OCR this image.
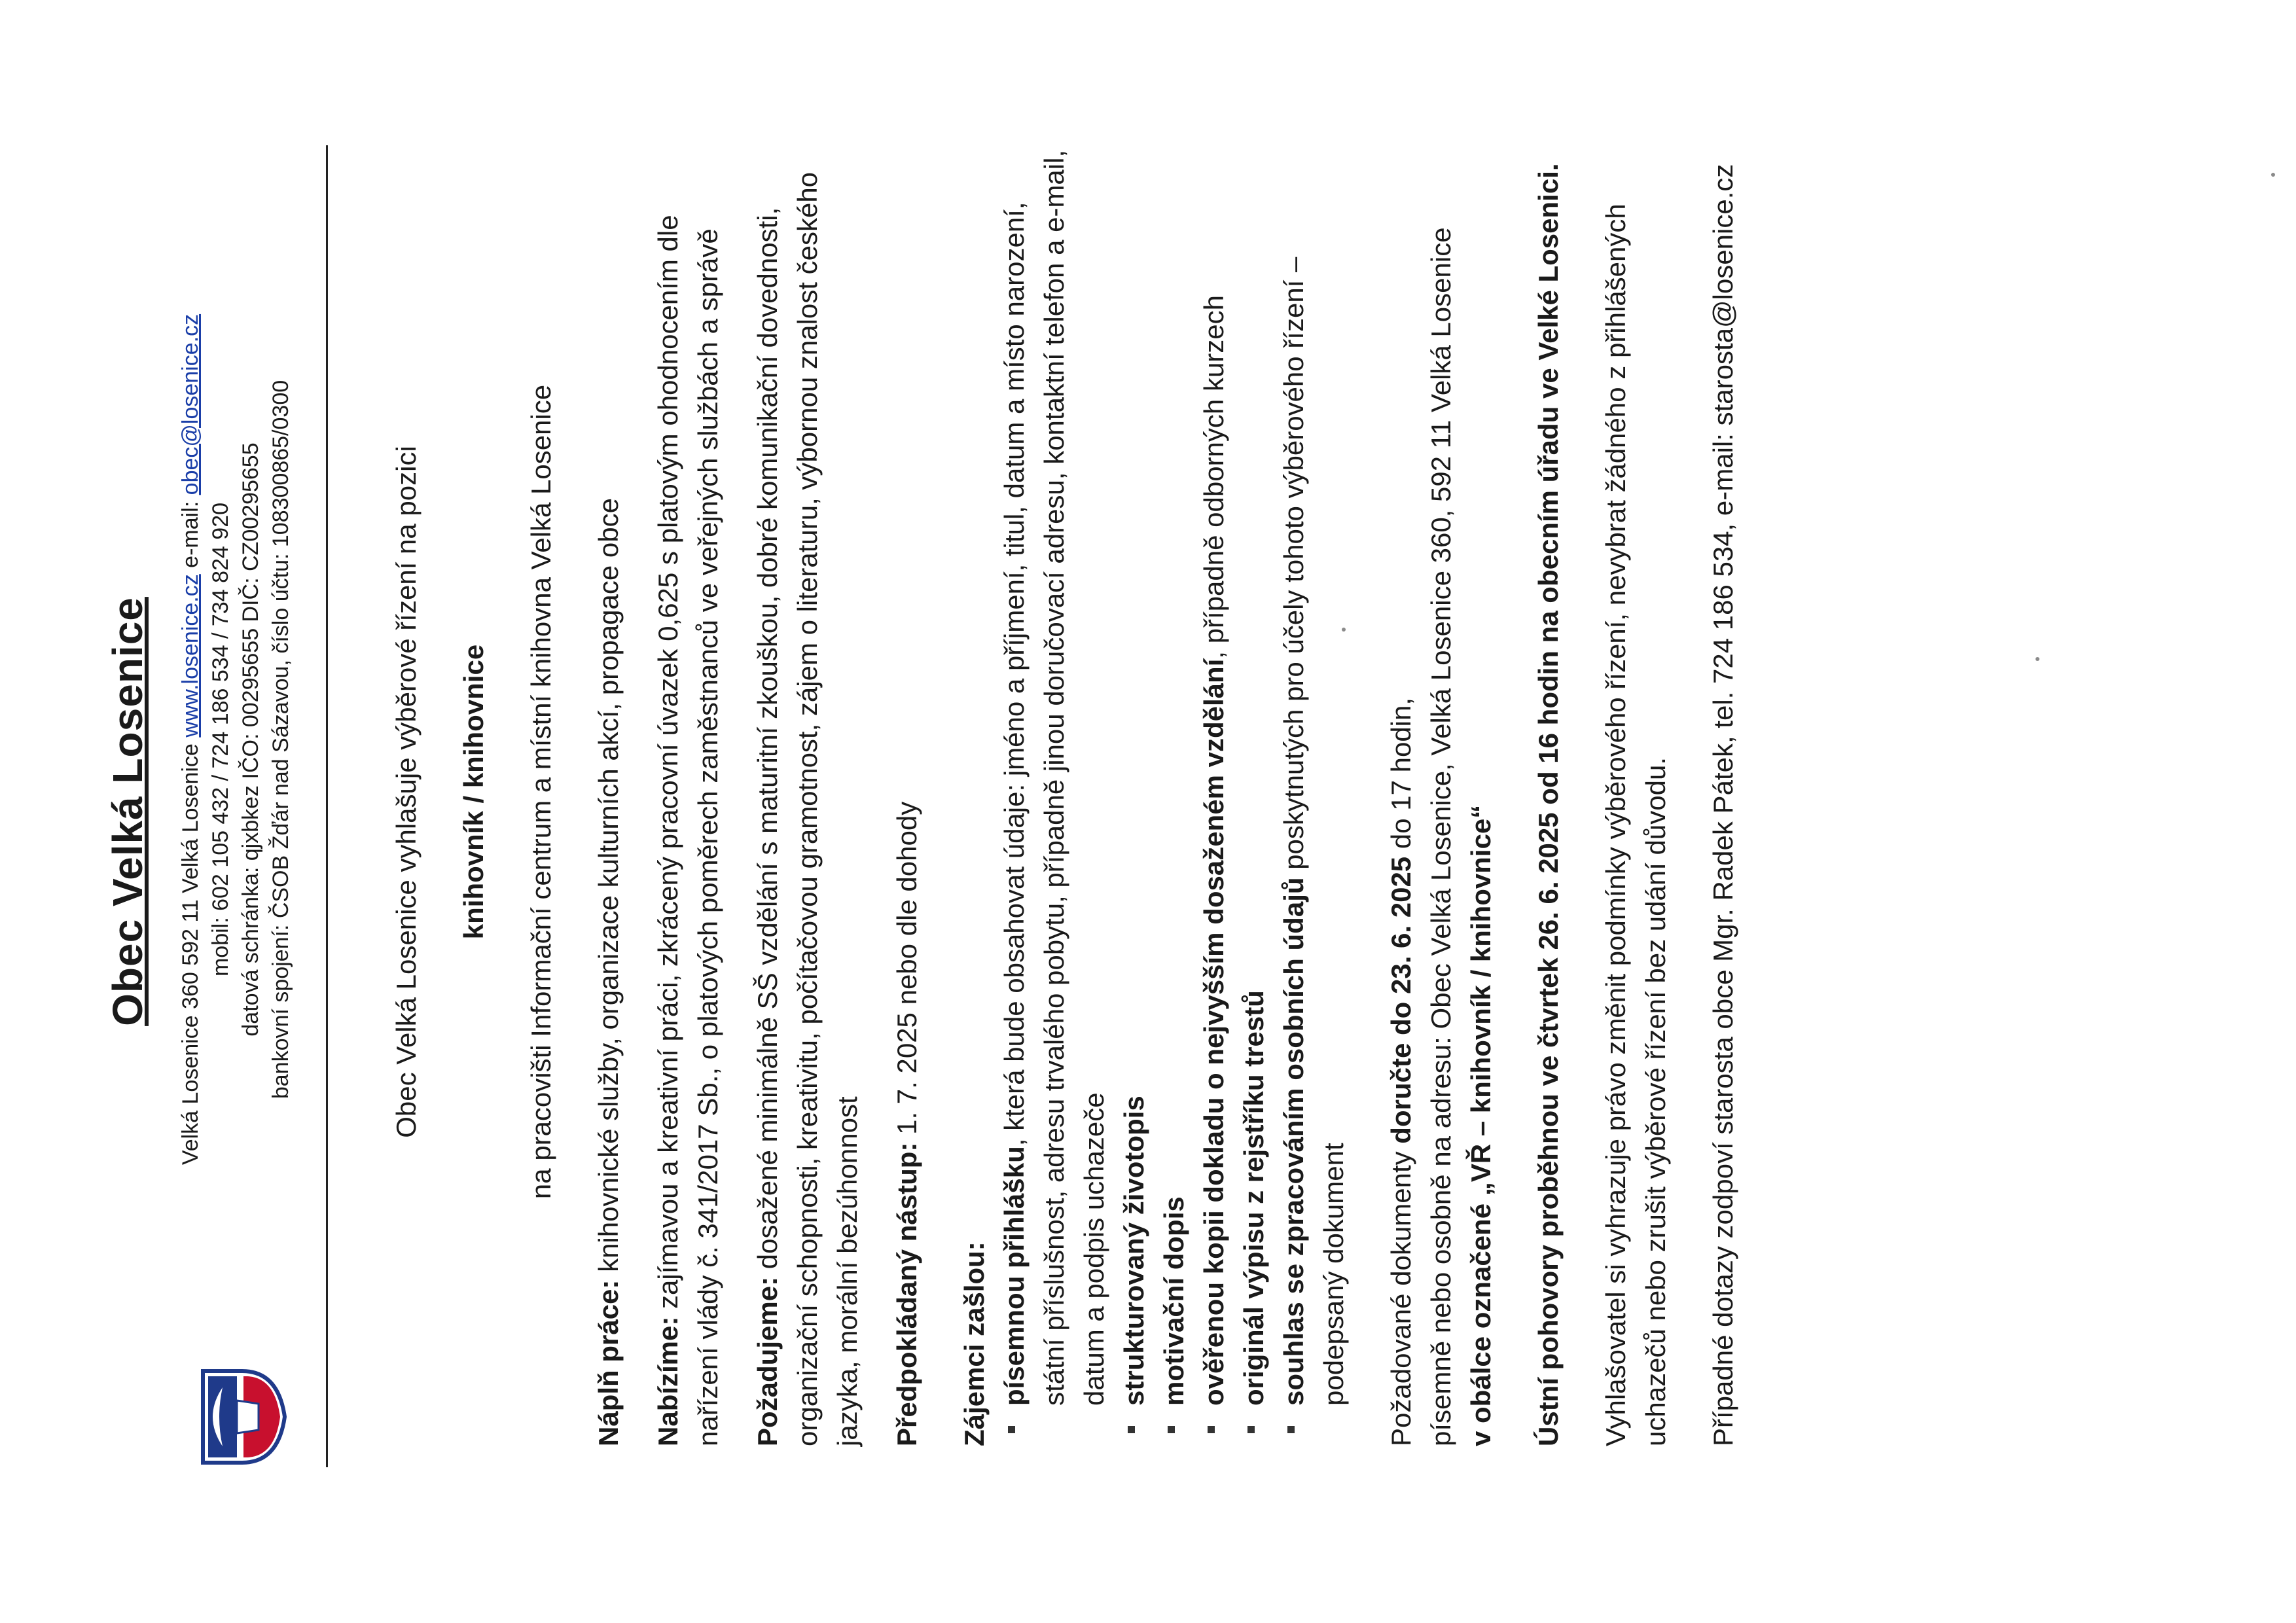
Obec Velká Losenice Velká Losenice 360 592 11 Velká Losenice www.losenice.cz e-mail: obec@losenice.cz
mobil: 602 105 432 / 724 186 534 / 734 824 920 datová schránka: qjxbkez IČO: 00295655 DIČ: CZ00295655 bankovní spojení: ČSOB Žďár nad Sázavou, číslo účtu: 108300865/0300	Obec Velká Losenice vyhlašuje výběrové řízení na pozici knihovník / knihovnice na pracovišti Informační centrum a místní knihovna Velká Losenice

Náplň práce: knihovnické služby, organizace kulturních akcí, propagace obce

Nabízíme: zajímavou a kreativní práci, zkrácený pracovní úvazek 0,625 s platovým ohodnocením dle nařízení vlády č. 341/2017 Sb., o platových poměrech zaměstnanců ve veřejných službách a správě Požadujeme: dosažené minimálně SŠ vzdělání s maturitní zkouškou, dobré komunikační dovednosti, organizační schopnosti, kreativitu, počítačovou gramotnost, zájem o literaturu, výbornou znalost českého jazyka, morální bezúhonnost Předpokládaný nástup: 1. 7. 2025 nebo dle dohody

Zájemci zašlou: písemnou přihlášku, která bude obsahovat údaje: jméno a příjmení, titul, datum a místo narození, státní příslušnost, adresu trvalého pobytu, případně jinou doručovací adresu, kontaktní telefon a e-mail, datum a podpis uchazeče strukturovaný životopis motivační dopis ověřenou kopii dokladu o nejvyšším dosaženém vzdělání, případně odborných kurzech
originál výpisu z rejstříku trestů souhlas se zpracováním osobních údajů poskytnutých pro účely tohoto výběrového řízení – podepsaný dokument Požadované dokumenty doručte do 23. 6. 2025 do 17 hodin, písemně nebo osobně na adresu: Obec Velká Losenice, Velká Losenice 360, 592 11 Velká Losenice v obálce označené „VŘ – knihovník / knihovnice“ Ústní pohovory proběhnou ve čtvrtek 26. 6. 2025 od 16 hodin na obecním úřadu ve Velké Losenici. Vyhlašovatel si vyhrazuje právo změnit podmínky výběrového řízení, nevybrat žádného z přihlášených uchazečů nebo zrušit výběrové řízení bez udání důvodu. Případné dotazy zodpoví starosta obce Mgr. Radek Pátek, tel. 724 186 534, e-mail: starosta@losenice.cz
